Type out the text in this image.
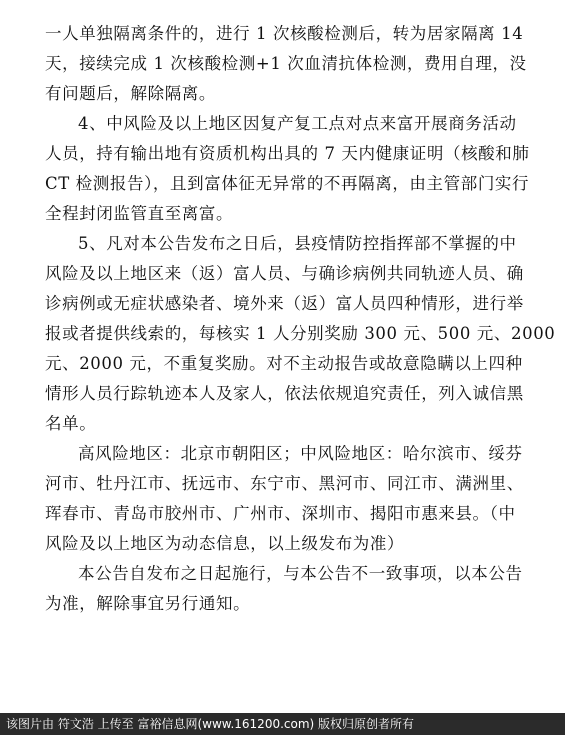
一人单独隔离条件的，进行 1 次核酸检测后，转为居家隔离 14
天，接续完成 1 次核酸检测+1 次血清抗体检测，费用自理，没
有问题后，解除隔离。
4、中风险及以上地区因复产复工点对点来富开展商务活动
人员，持有输出地有资质机构出具的 7 天内健康证明（核酸和肺
CT 检测报告），且到富体征无异常的不再隔离，由主管部门实行
全程封闭监管直至离富。
5、凡对本公告发布之日后，县疫情防控指挥部不掌握的中
风险及以上地区来（返）富人员、与确诊病例共同轨迹人员、确
诊病例或无症状感染者、境外来（返）富人员四种情形，进行举
报或者提供线索的，每核实 1 人分别奖励 300 元、500 元、2000
元、2000 元，不重复奖励。对不主动报告或故意隐瞒以上四种
情形人员行踪轨迹本人及家人，依法依规追究责任，列入诚信黑
名单。
高风险地区：北京市朝阳区；中风险地区：哈尔滨市、绥芬
河市、牡丹江市、抚远市、东宁市、黑河市、同江市、满洲里、
珲春市、青岛市胶州市、广州市、深圳市、揭阳市惠来县。（中
风险及以上地区为动态信息，以上级发布为准）
本公告自发布之日起施行，与本公告不一致事项，以本公告
为准，解除事宜另行通知。
该图片由 符文浩 上传至 富裕信息网(www.161200.com) 版权归原创者所有
